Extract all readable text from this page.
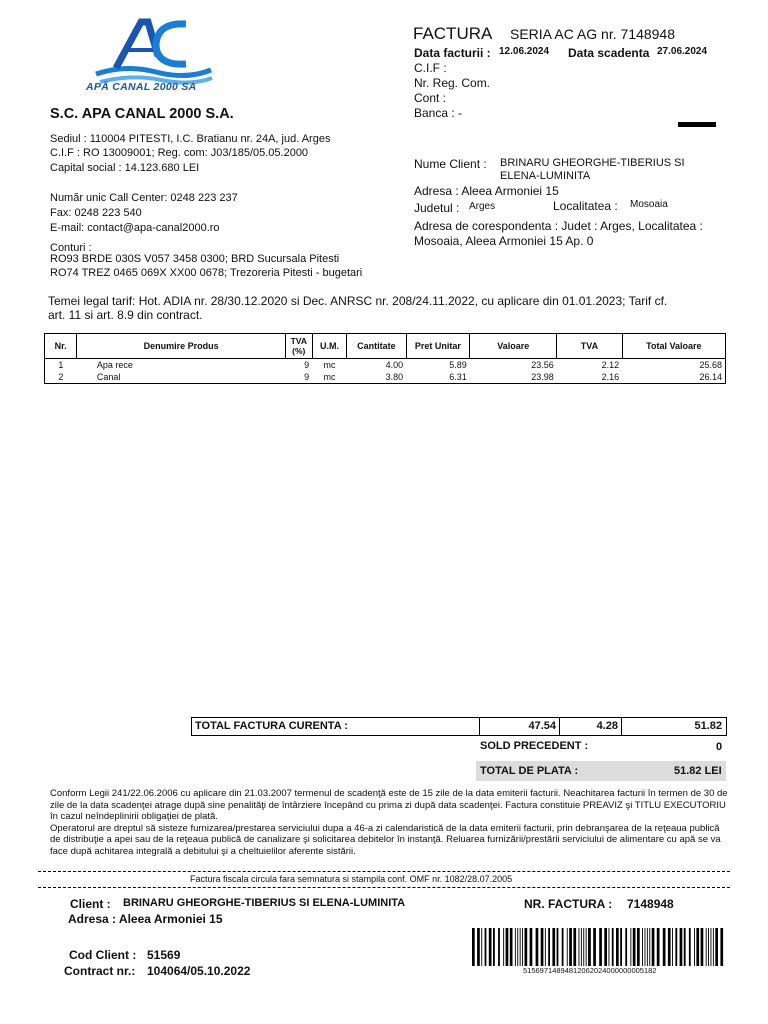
APĂ CANAL 2000 SA
S.C. APA CANAL 2000 S.A.
Sediul : 110004 PITESTI, I.C. Bratianu nr. 24A, jud. Arges
C.I.F : RO 13009001; Reg. com: J03/185/05.05.2000
Capital social : 14.123.680 LEI
Număr unic Call Center: 0248 223 237
Fax: 0248 223 540
E-mail: contact@apa-canal2000.ro
Conturi :
RO93 BRDE 030S V057 3458 0300; BRD Sucursala Pitesti
RO74 TREZ 0465 069X XX00 0678; Trezoreria Pitesti - bugetari
FACTURA SERIA AC AG nr. 7148948
Data facturii : 12.06.2024 Data scadenta 27.06.2024
C.I.F :
Nr. Reg. Com.
Cont :
Banca : -
Nume Client : BRINARU GHEORGHE-TIBERIUS SI
ELENA-LUMINITA
Adresa : Aleea Armoniei 15
Judetul : Arges	Localitatea : Mosoaia
Adresa de corespondenta : Judet : Arges, Localitatea :
Mosoaia, Aleea Armoniei 15 Ap. 0
Temei legal tarif: Hot. ADIA nr. 28/30.12.2020 si Dec. ANRSC nr. 208/24.11.2022, cu aplicare din 01.01.2023; Tarif cf.
art. 11 si art. 8.9 din contract.
Nr.	Denumire Produs	TVA
(%)	U.M.	Cantitate	Pret Unitar	Valoare	TVA	Total Valoare
1	Apa rece	9	mc	4.00	5.89	23.56	2.12	25.68
2	Canal	9	mc	3.80	6.31	23.98	2.16	26.14
TOTAL FACTURA CURENTA :	47.54	4.28	51.82
SOLD PRECEDENT :	0
TOTAL DE PLATA :	51.82 LEI
Conform Legii 241/22.06.2006 cu aplicare din 21.03.2007 termenul de scadenţă este de 15 zile de la data emiterii facturii. Neachitarea facturii în termen de 30 de zile de la data scadenţei atrage după sine penalităţi de întârziere începând cu prima zi după data scadenţei. Factura constituie PREAVIZ şi TITLU EXECUTORIU în cazul neîndeplinirii obligaţiei de plată.
Operatorul are dreptul să sisteze furnizarea/prestarea serviciului dupa a 46-a zi calendaristică de la data emiterii facturii, prin debranşarea de la reţeaua publică de distribuţie a apei sau de la reţeaua publică de canalizare şi solicitarea debitelor în instanţă. Reluarea furnizării/prestării serviciului de alimentare cu apă se va face după achitarea integrală a debitului şi a cheltuielilor aferente sistării.
Factura fiscala circula fara semnatura si stampila conf. OMF nr. 1082/28.07.2005
Client : BRINARU GHEORGHE-TIBERIUS SI ELENA-LUMINITA
Adresa : Aleea Armoniei 15
NR. FACTURA : 7148948
Cod Client : 51569
Contract nr.: 104064/05.10.2022	51569714894812062024000000005182
